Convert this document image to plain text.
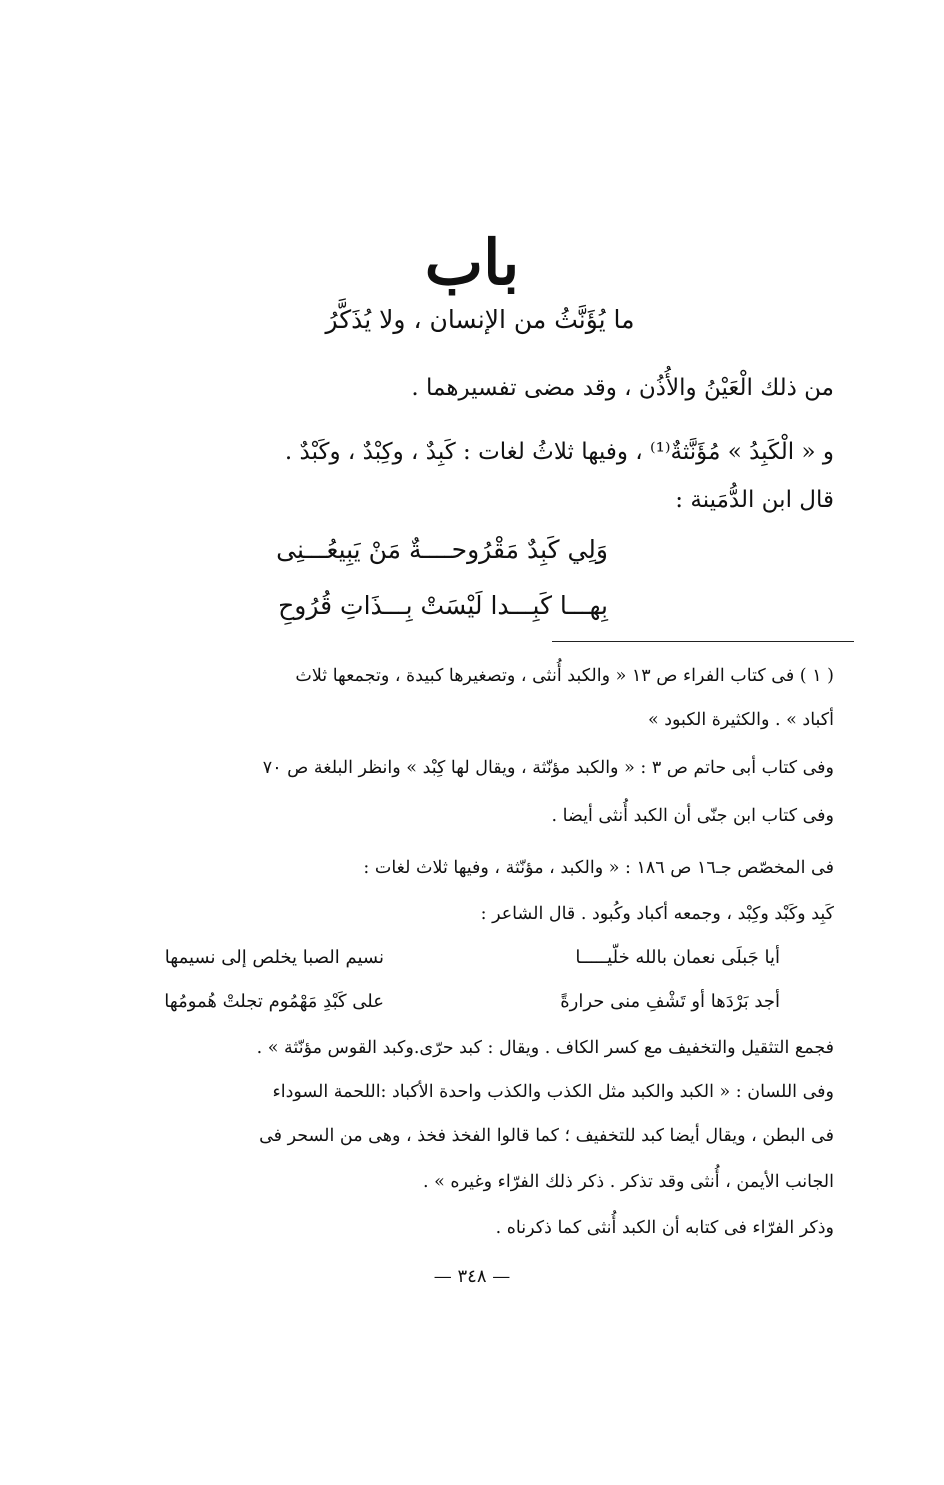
باب
ما يُؤَنَّثُ من الإنسان ، ولا يُذَكَّرُ
من ذلك الْعَيْنُ والأُذُن ، وقد مضى تفسيرهما .
و « الْكَبِدُ » مُؤَنَّثةٌ⁽¹⁾ ، وفيها ثلاثُ لغات : كَبِدٌ ، وكِبْدٌ ، وكَبْدٌ .
قال ابن الدُّمَينة :
وَلِي كَبِدٌ مَقْرُوحــــةٌ مَنْ يَبِيعُـــنِى
بِهـــا كَبِـــدا لَيْسَتْ بِـــذَاتِ قُرُوحِ
( ١ ) فى كتاب الفراء ص ١٣ « والكبد أُنثى ، وتصغيرها كبيدة ، وتجمعها ثلاث
أكباد » . والكثيرة الكبود »
وفى كتاب أبى حاتم ص ٣ : « والكبد مؤنّثة ، ويقال لها كِبْد » وانظر البلغة ص ٧٠
وفى كتاب ابن جنّى أن الكبد أُنثى أيضا .
فى المخصّص جـ١٦ ص ١٨٦ : « والكبد ، مؤنّثة ، وفيها ثلاث لغات :
كَبِد وكَبْد وكِبْد ، وجمعه أكباد وكُبود . قال الشاعر :
أيا جَبلَى نعمان بالله خلّيـــــا
نسيم الصبا يخلص إلى نسيمها
أجد بَرْدَها أو تَشْفِ منى حرارةً
على كَبْدِ مَهْمُوم تجلتْ هُمومُها
فجمع التثقيل والتخفيف مع كسر الكاف . ويقال : كبد حرّى.وكبد القوس مؤنّثة » .
وفى اللسان : « الكبد والكبد مثل الكذب والكذب واحدة الأكباد :اللحمة السوداء
فى البطن ، ويقال أيضا كبد للتخفيف ؛ كما قالوا الفخذ فخذ ، وهى من السحر فى
الجانب الأيمن ، أُنثى وقد تذكر . ذكر ذلك الفرّاء وغيره » .
وذكر الفرّاء فى كتابه أن الكبد أُنثى كما ذكرناه .
— ٣٤٨ —
